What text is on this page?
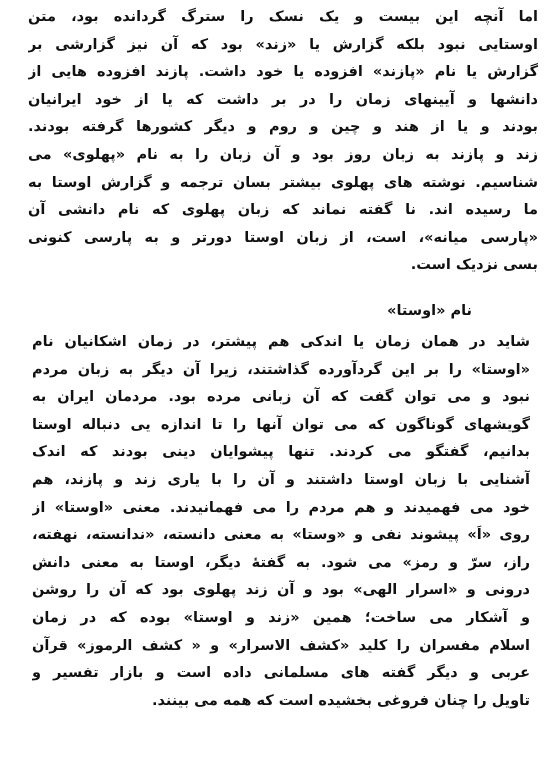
اما آنچه این بیست و یک نسک را سترگ گردانده بود، متن
اوستایی نبود بلکه گزارش یا «زند» بود که آن نیز گزارشی بر
گزارش یا نام «پازند» افزوده یا خود داشت. پازند افزوده هایی از
دانشها و آیینهای زمان را در بر داشت که یا از خود ایرانیان
بودند و یا از هند و چین و روم و دیگر کشورها گرفته بودند.
زند و پازند به زبان روز بود و آن زبان را به نام «پهلوی» می
شناسیم. نوشته های پهلوی بیشتر بسان ترجمه و گزارش اوستا به
ما رسیده اند. نا گفته نماند که زبان پهلوی که نام دانشی آن
«پارسی میانه»، است، از زبان اوستا دورتر و به پارسی کنونی
بسی نزدیک است.
نام «اوستا»
شاید در همان زمان یا اندکی هم پیشتر، در زمان اشکانیان نام
«اوستا» را بر این گردآورده گذاشتند، زیرا آن دیگر به زبان مردم
نبود و می توان گفت که آن زبانی مرده بود. مردمان ایران به
گویشهای گوناگون که می توان آنها را تا اندازه یی دنباله اوستا
بدانیم، گفتگو می کردند. تنها پیشوایان دینی بودند که اندک
آشنایی با زبان اوستا داشتند و آن را با یاری زند و پازند، هم
خود می فهمیدند و هم مردم را می فهمانیدند. معنی «اوستا» از
روی «اَ» پیشوند نفی و «وستا» به معنی دانسته، «ندانسته، نهفته،
راز، سرّ و رمز» می شود. به گفتهٔ دیگر، اوستا به معنی دانش
درونی و «اسرار الهی» بود و آن زند پهلوی بود که آن را روشن
و آشکار می ساخت؛ همین «زند و اوستا» بوده که در زمان
اسلام مفسران را کلید «کشف الاسرار» و « کشف الرموز» قرآن
عربی و دیگر گفته های مسلمانی داده است و بازار تفسیر و
تاویل را چنان فروغی بخشیده است که همه می بینند.
